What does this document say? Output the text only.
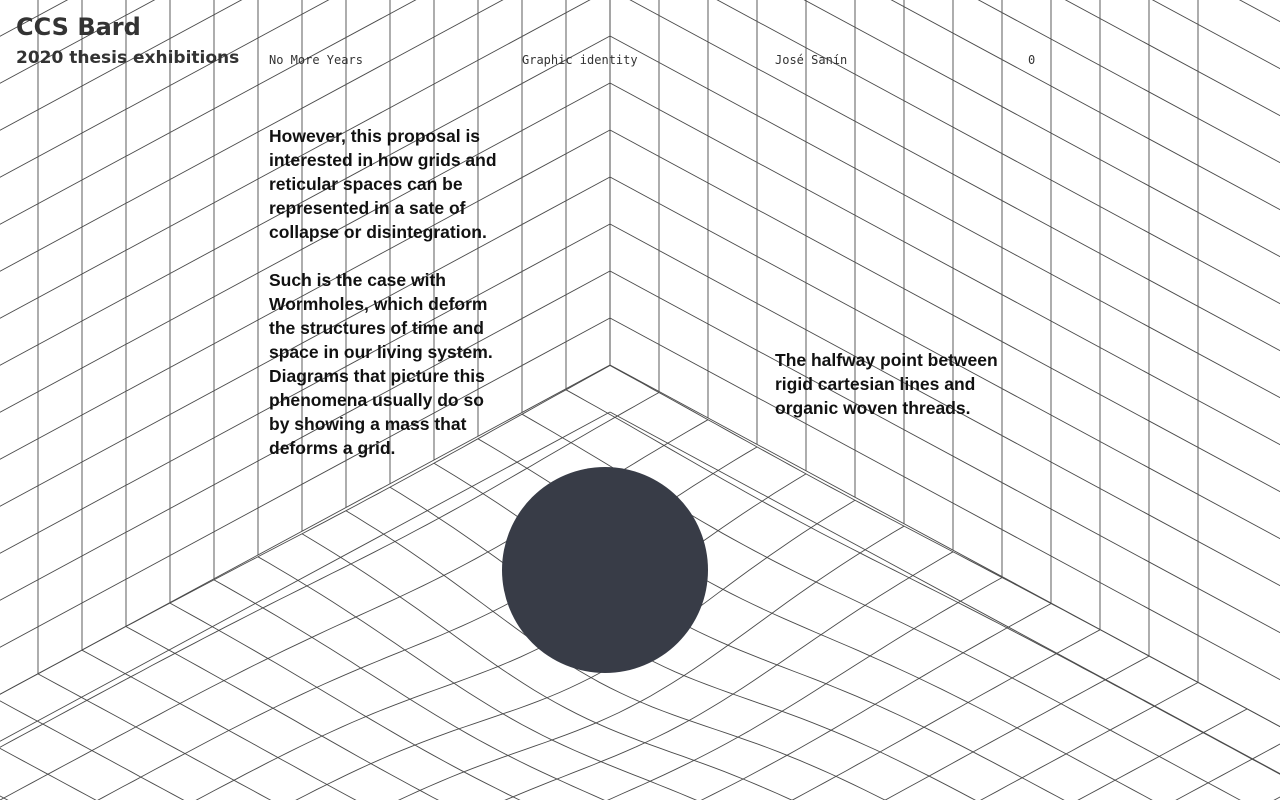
CCS Bard
2020 thesis exhibitions No More Years	Graphic identity	José Sanín	0

However, this proposal is interested in how grids and reticular spaces can be represented in a sate of collapse or disintegration.

Such is the case with Wormholes, which deform the structures of time and space in our living system. Diagrams that picture this phenomena usually do so by showing a mass that deforms a grid.

The halfway point between rigid cartesian lines and organic woven threads.
